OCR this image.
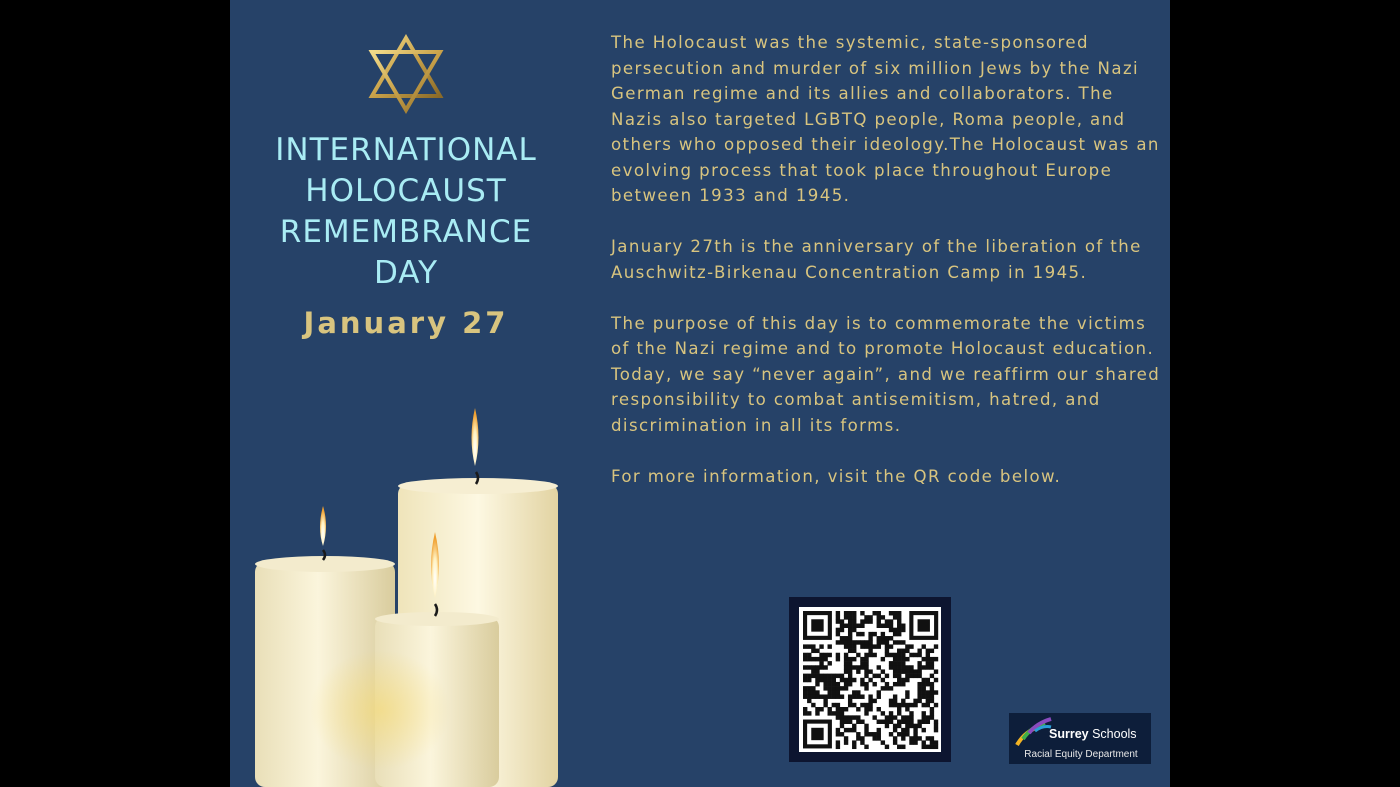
INTERNATIONAL
HOLOCAUST
REMEMBRANCE
DAY
January 27

The Holocaust was the systemic, state-sponsored persecution and murder of six million Jews by the Nazi German regime and its allies and collaborators. The Nazis also targeted LGBTQ people, Roma people, and others who opposed their ideology.The Holocaust was an evolving process that took place throughout Europe between 1933 and 1945.

January 27th is the anniversary of the liberation of the Auschwitz-Birkenau Concentration Camp in 1945.

The purpose of this day is to commemorate the victims of the Nazi regime and to promote Holocaust education. Today, we say “never again”, and we reaffirm our shared responsibility to combat antisemitism, hatred, and discrimination in all its forms.

For more information, visit the QR code below.

Surrey Schools
Racial Equity Department
